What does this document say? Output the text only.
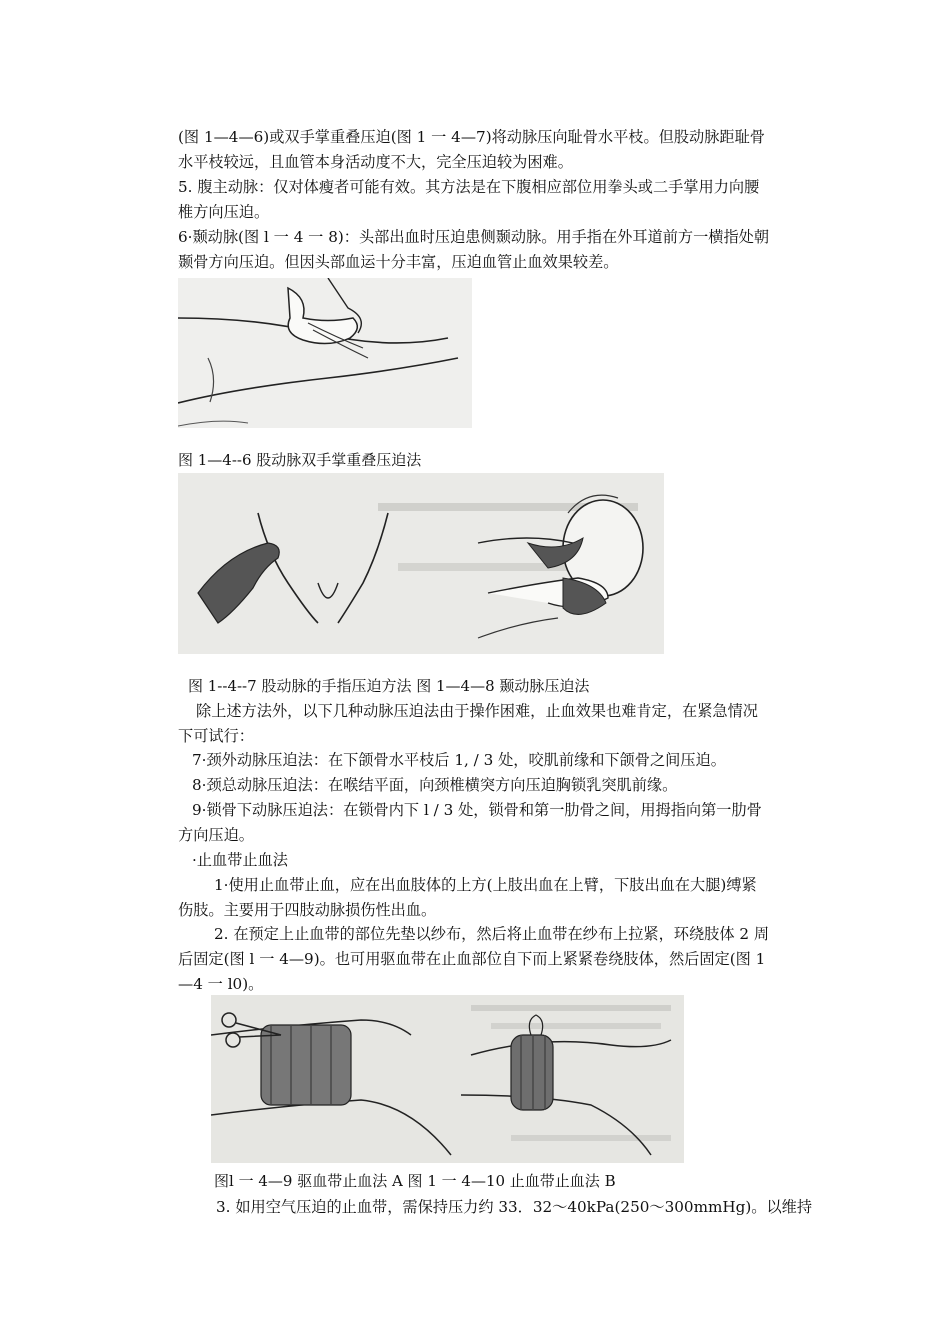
(图 1—4—6)或双手掌重叠压迫(图 1 一 4—7)将动脉压向耻骨水平枝。但股动脉距耻骨
水平枝较远，且血管本身活动度不大，完全压迫较为困难。
5. 腹主动脉：仅对体瘦者可能有效。其方法是在下腹相应部位用拳头或二手掌用力向腰
椎方向压迫。
6·颞动脉(图 l 一 4 一 8)：头部出血时压迫患侧颞动脉。用手指在外耳道前方一横指处朝
颞骨方向压迫。但因头部血运十分丰富，压迫血管止血效果较差。
图 1—4--6 股动脉双手掌重叠压迫法
图 1--4--7 股动脉的手指压迫方法 图 1—4—8 颞动脉压迫法
除上述方法外，以下几种动脉压迫法由于操作困难，止血效果也难肯定，在紧急情况
下可试行：
7·颈外动脉压迫法：在下颌骨水平枝后 1, / 3 处，咬肌前缘和下颌骨之间压迫。
8·颈总动脉压迫法：在喉结平面，向颈椎横突方向压迫胸锁乳突肌前缘。
9·锁骨下动脉压迫法：在锁骨内下 l / 3 处，锁骨和第一肋骨之间，用拇指向第一肋骨
方向压迫。
·止血带止血法
1·使用止血带止血，应在出血肢体的上方(上肢出血在上臂，下肢出血在大腿)缚紧
伤肢。主要用于四肢动脉损伤性出血。
2. 在预定上止血带的部位先垫以纱布，然后将止血带在纱布上拉紧，环绕肢体 2 周
后固定(图 l 一 4—9)。也可用驱血带在止血部位自下而上紧紧卷绕肢体，然后固定(图 1
—4 一 l0)。
图l 一 4—9 驱血带止血法 A 图 1 一 4—10 止血带止血法 B
3. 如用空气压迫的止血带，需保持压力约 33．32～40kPa(250～300mmHg)。以维持
